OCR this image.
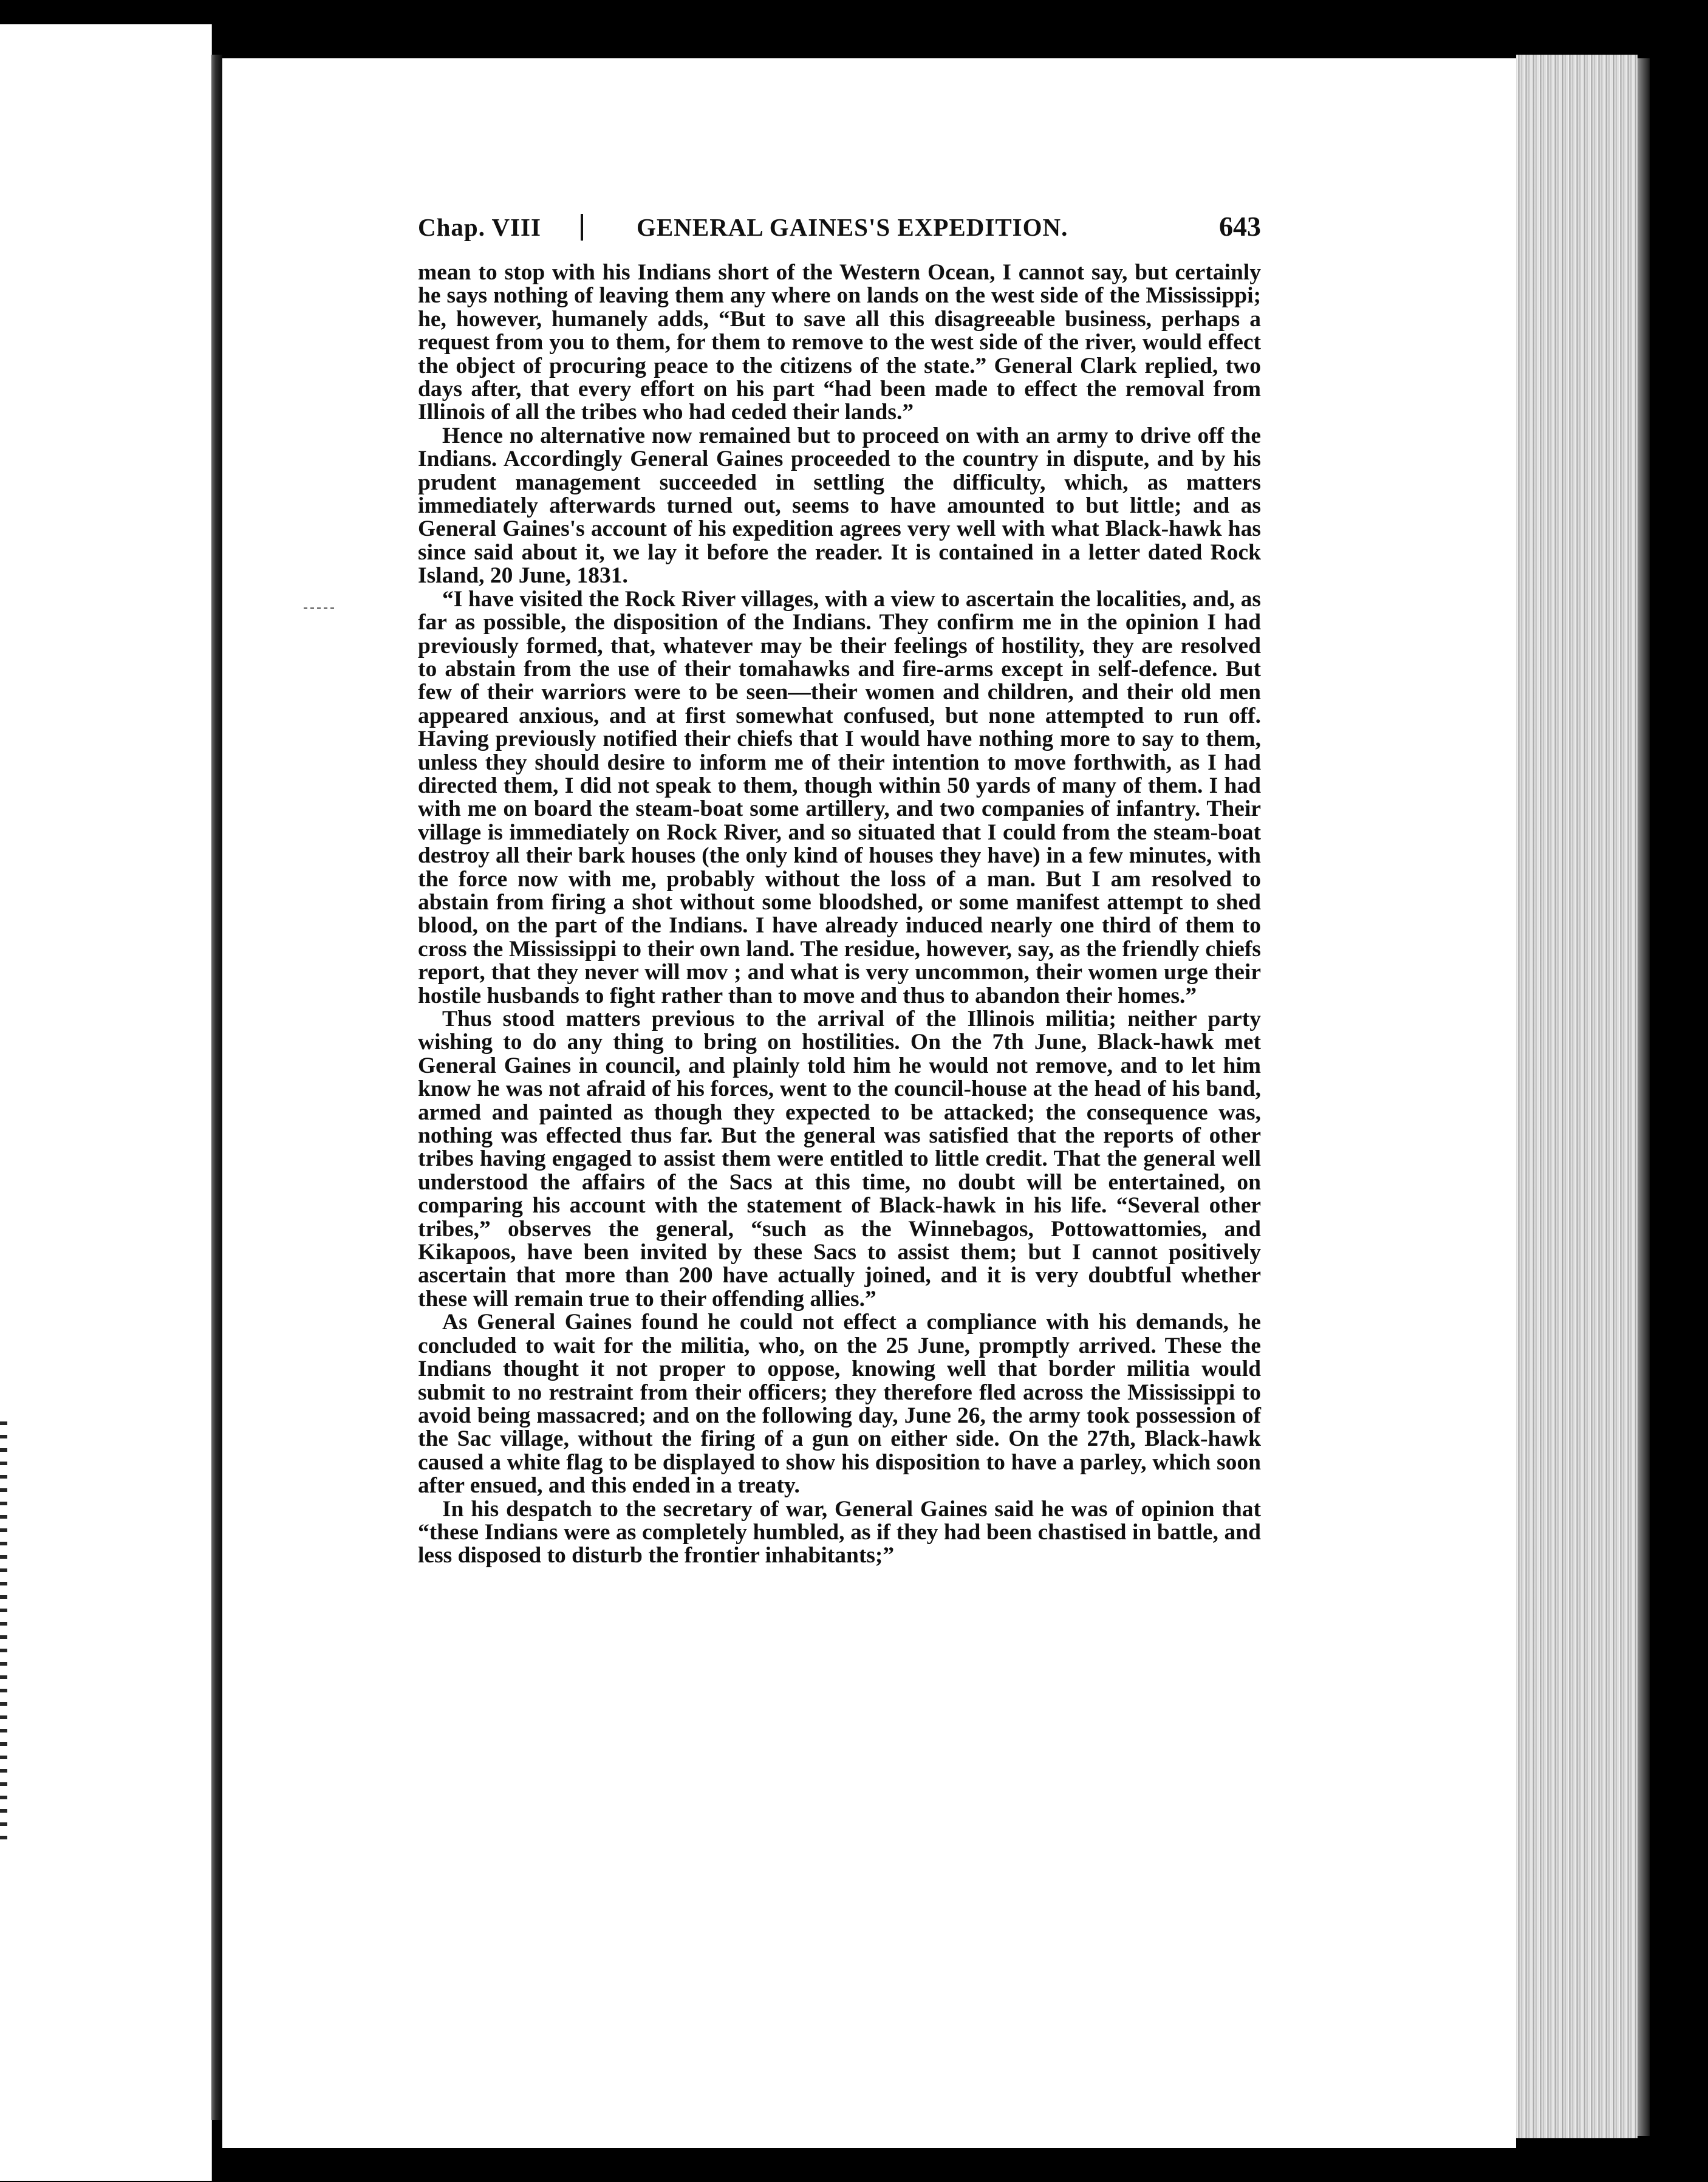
Chap. VIII	GENERAL GAINES'S EXPEDITION.	643

mean to stop with his Indians short of the Western Ocean, I cannot say, but certainly he says nothing of leaving them any where on lands on the west side of the Mississippi; he, however, humanely adds, “But to save all this disagreeable business, perhaps a request from you to them, for them to remove to the west side of the river, would effect the object of procuring peace to the citizens of the state.” General Clark replied, two days after, that every effort on his part “had been made to effect the removal from Illinois of all the tribes who had ceded their lands.”

Hence no alternative now remained but to proceed on with an army to drive off the Indians. Accordingly General Gaines proceeded to the country in dispute, and by his prudent management succeeded in settling the difficulty, which, as matters immediately afterwards turned out, seems to have amounted to but little; and as General Gaines's account of his expedition agrees very well with what Black-hawk has since said about it, we lay it before the reader. It is contained in a letter dated Rock Island, 20 June, 1831.

“I have visited the Rock River villages, with a view to ascertain the localities, and, as far as possible, the disposition of the Indians. They confirm me in the opinion I had previously formed, that, whatever may be their feelings of hostility, they are resolved to abstain from the use of their tomahawks and fire-arms except in self-defence. But few of their warriors were to be seen—their women and children, and their old men appeared anxious, and at first somewhat confused, but none attempted to run off. Having previously notified their chiefs that I would have nothing more to say to them, unless they should desire to inform me of their intention to move forthwith, as I had directed them, I did not speak to them, though within 50 yards of many of them. I had with me on board the steam-boat some artillery, and two companies of infantry. Their village is immediately on Rock River, and so situated that I could from the steam-boat destroy all their bark houses (the only kind of houses they have) in a few minutes, with the force now with me, probably without the loss of a man. But I am resolved to abstain from firing a shot without some bloodshed, or some manifest attempt to shed blood, on the part of the Indians. I have already induced nearly one third of them to cross the Mississippi to their own land. The residue, however, say, as the friendly chiefs report, that they never will mov ; and what is very uncommon, their women urge their hostile husbands to fight rather than to move and thus to abandon their homes.”

Thus stood matters previous to the arrival of the Illinois militia; neither party wishing to do any thing to bring on hostilities. On the 7th June, Black-hawk met General Gaines in council, and plainly told him he would not remove, and to let him know he was not afraid of his forces, went to the council-house at the head of his band, armed and painted as though they expected to be attacked; the consequence was, nothing was effected thus far. But the general was satisfied that the reports of other tribes having engaged to assist them were entitled to little credit. That the general well understood the affairs of the Sacs at this time, no doubt will be entertained, on comparing his account with the statement of Black-hawk in his life. “Several other tribes,” observes the general, “such as the Winnebagos, Pottowattomies, and Kikapoos, have been invited by these Sacs to assist them; but I cannot positively ascertain that more than 200 have actually joined, and it is very doubtful whether these will remain true to their offending allies.”

As General Gaines found he could not effect a compliance with his demands, he concluded to wait for the militia, who, on the 25 June, promptly arrived. These the Indians thought it not proper to oppose, knowing well that border militia would submit to no restraint from their officers; they therefore fled across the Mississippi to avoid being massacred; and on the following day, June 26, the army took possession of the Sac village, without the firing of a gun on either side. On the 27th, Black-hawk caused a white flag to be displayed to show his disposition to have a parley, which soon after ensued, and this ended in a treaty.

In his despatch to the secretary of war, General Gaines said he was of opinion that “these Indians were as completely humbled, as if they had been chastised in battle, and less disposed to disturb the frontier inhabitants;”
